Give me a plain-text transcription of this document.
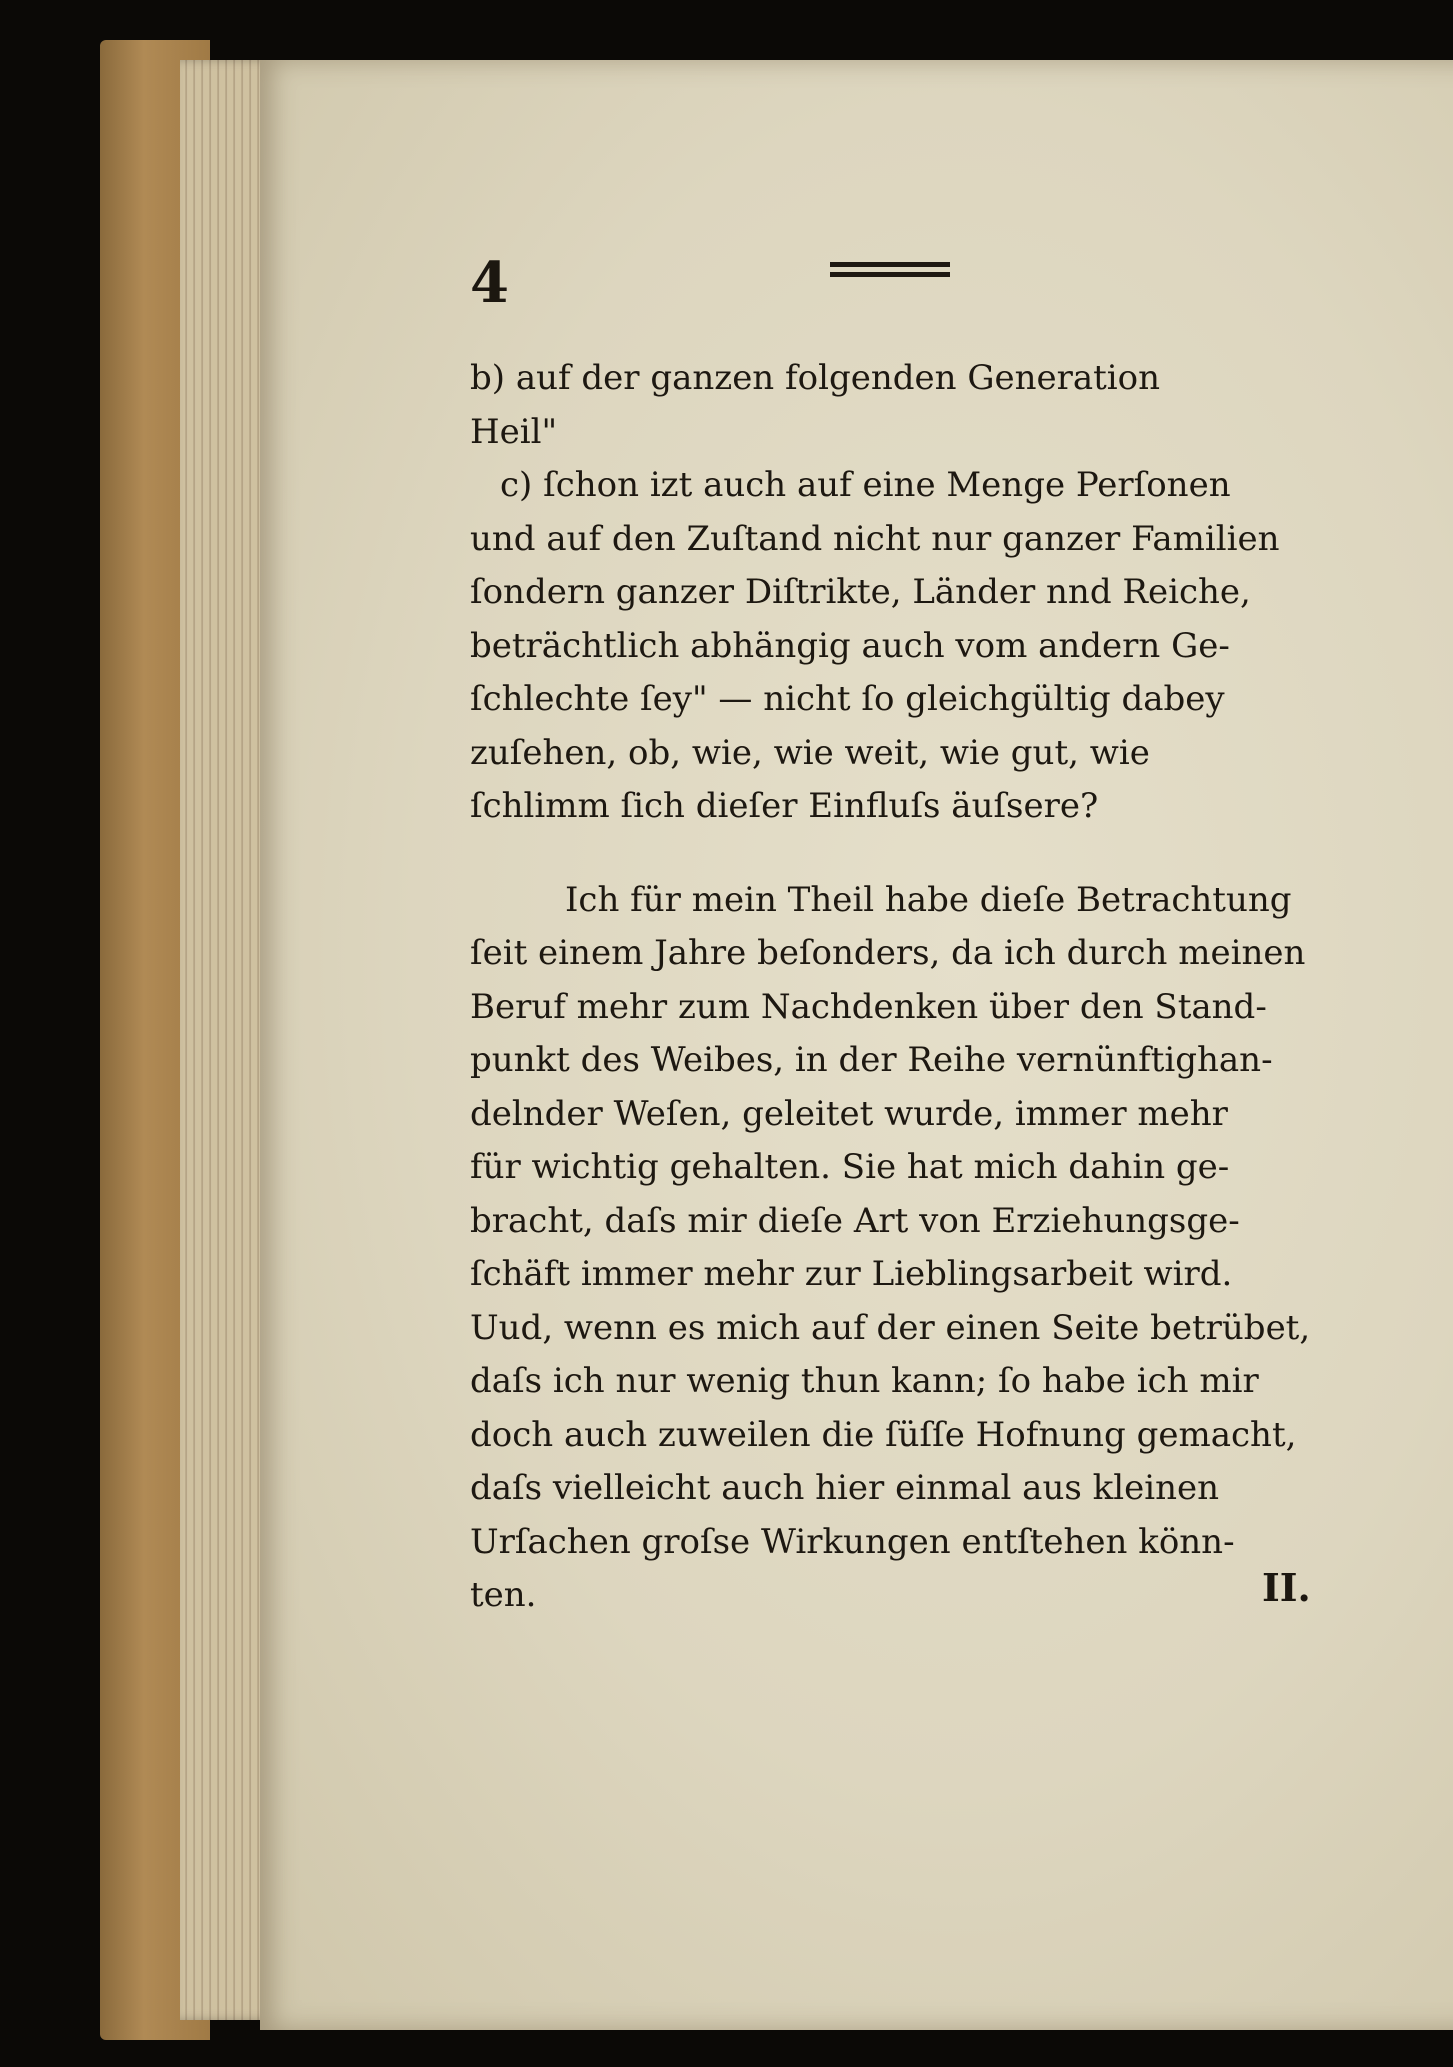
4
b) auf der ganzen folgenden Generation
Heil"
c) ſchon izt auch auf eine Menge Perſonen
und auf den Zuſtand nicht nur ganzer Familien
ſondern ganzer Diſtrikte, Länder nnd Reiche,
beträchtlich abhängig auch vom andern Ge-
ſchlechte ſey" — nicht ſo gleichgültig dabey
zuſehen, ob, wie, wie weit, wie gut, wie
ſchlimm ſich dieſer Einfluſs äuſsere?
Ich für mein Theil habe dieſe Betrachtung
ſeit einem Jahre beſonders, da ich durch meinen
Beruf mehr zum Nachdenken über den Stand-
punkt des Weibes, in der Reihe vernünftighan-
delnder Weſen, geleitet wurde, immer mehr
für wichtig gehalten. Sie hat mich dahin ge-
bracht, daſs mir dieſe Art von Erziehungsge-
ſchäft immer mehr zur Lieblingsarbeit wird.
Uud, wenn es mich auf der einen Seite betrübet,
daſs ich nur wenig thun kann; ſo habe ich mir
doch auch zuweilen die ſüſſe Hofnung gemacht,
daſs vielleicht auch hier einmal aus kleinen
Urſachen groſse Wirkungen entſtehen könn-
ten.	II.
